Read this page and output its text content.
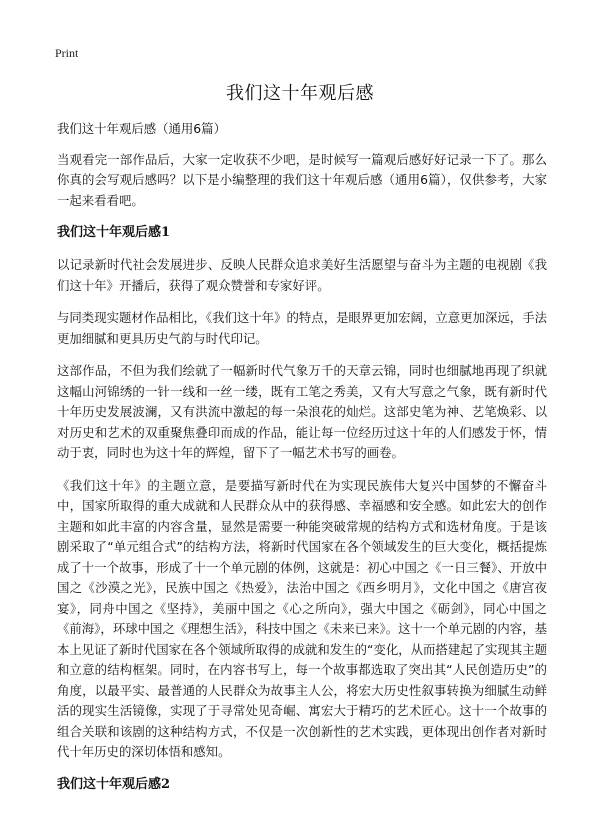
Print
我们这十年观后感

我们这十年观后感（通用6篇）

当观看完一部作品后，大家一定收获不少吧，是时候写一篇观后感好好记录一下了。那么你真的会写观后感吗？以下是小编整理的我们这十年观后感（通用6篇），仅供参考，大家一起来看看吧。

我们这十年观后感1

以记录新时代社会发展进步、反映人民群众追求美好生活愿望与奋斗为主题的电视剧《我们这十年》开播后，获得了观众赞誉和专家好评。

与同类现实题材作品相比，《我们这十年》的特点，是眼界更加宏阔，立意更加深远，手法更加细腻和更具历史气韵与时代印记。

这部作品，不但为我们绘就了一幅新时代气象万千的天章云锦，同时也细腻地再现了织就这幅山河锦绣的一针一线和一丝一缕，既有工笔之秀美，又有大写意之气象，既有新时代十年历史发展波澜，又有洪流中激起的每一朵浪花的灿烂。这部史笔为神、艺笔焕彩、以对历史和艺术的双重聚焦叠印而成的作品，能让每一位经历过这十年的人们感发于怀，情动于衷，同时也为这十年的辉煌，留下了一幅艺术书写的画卷。

《我们这十年》的主题立意，是要描写新时代在为实现民族伟大复兴中国梦的不懈奋斗中，国家所取得的重大成就和人民群众从中的获得感、幸福感和安全感。如此宏大的创作主题和如此丰富的内容含量，显然是需要一种能突破常规的结构方式和选材角度。于是该剧采取了“单元组合式”的结构方法，将新时代国家在各个领域发生的巨大变化，概括提炼成了十一个故事，形成了十一个单元剧的体例，这就是：初心中国之《一日三餐》、开放中国之《沙漠之光》，民族中国之《热爱》，法治中国之《西乡明月》，文化中国之《唐宫夜宴》，同舟中国之《坚持》，美丽中国之《心之所向》，强大中国之《砺剑》，同心中国之《前海》，环球中国之《理想生活》，科技中国之《未来已来》。这十一个单元剧的内容，基本上见证了新时代国家在各个领域所取得的成就和发生的“变化，从而搭建起了实现其主题和立意的结构框架。同时，在内容书写上，每一个故事都选取了突出其“人民创造历史”的角度，以最平实、最普通的人民群众为故事主人公，将宏大历史性叙事转换为细腻生动鲜活的现实生活镜像，实现了于寻常处见奇崛、寓宏大于精巧的艺术匠心。这十一个故事的组合关联和该剧的这种结构方式，不仅是一次创新性的艺术实践，更体现出创作者对新时代十年历史的深切体悟和感知。

我们这十年观后感2
